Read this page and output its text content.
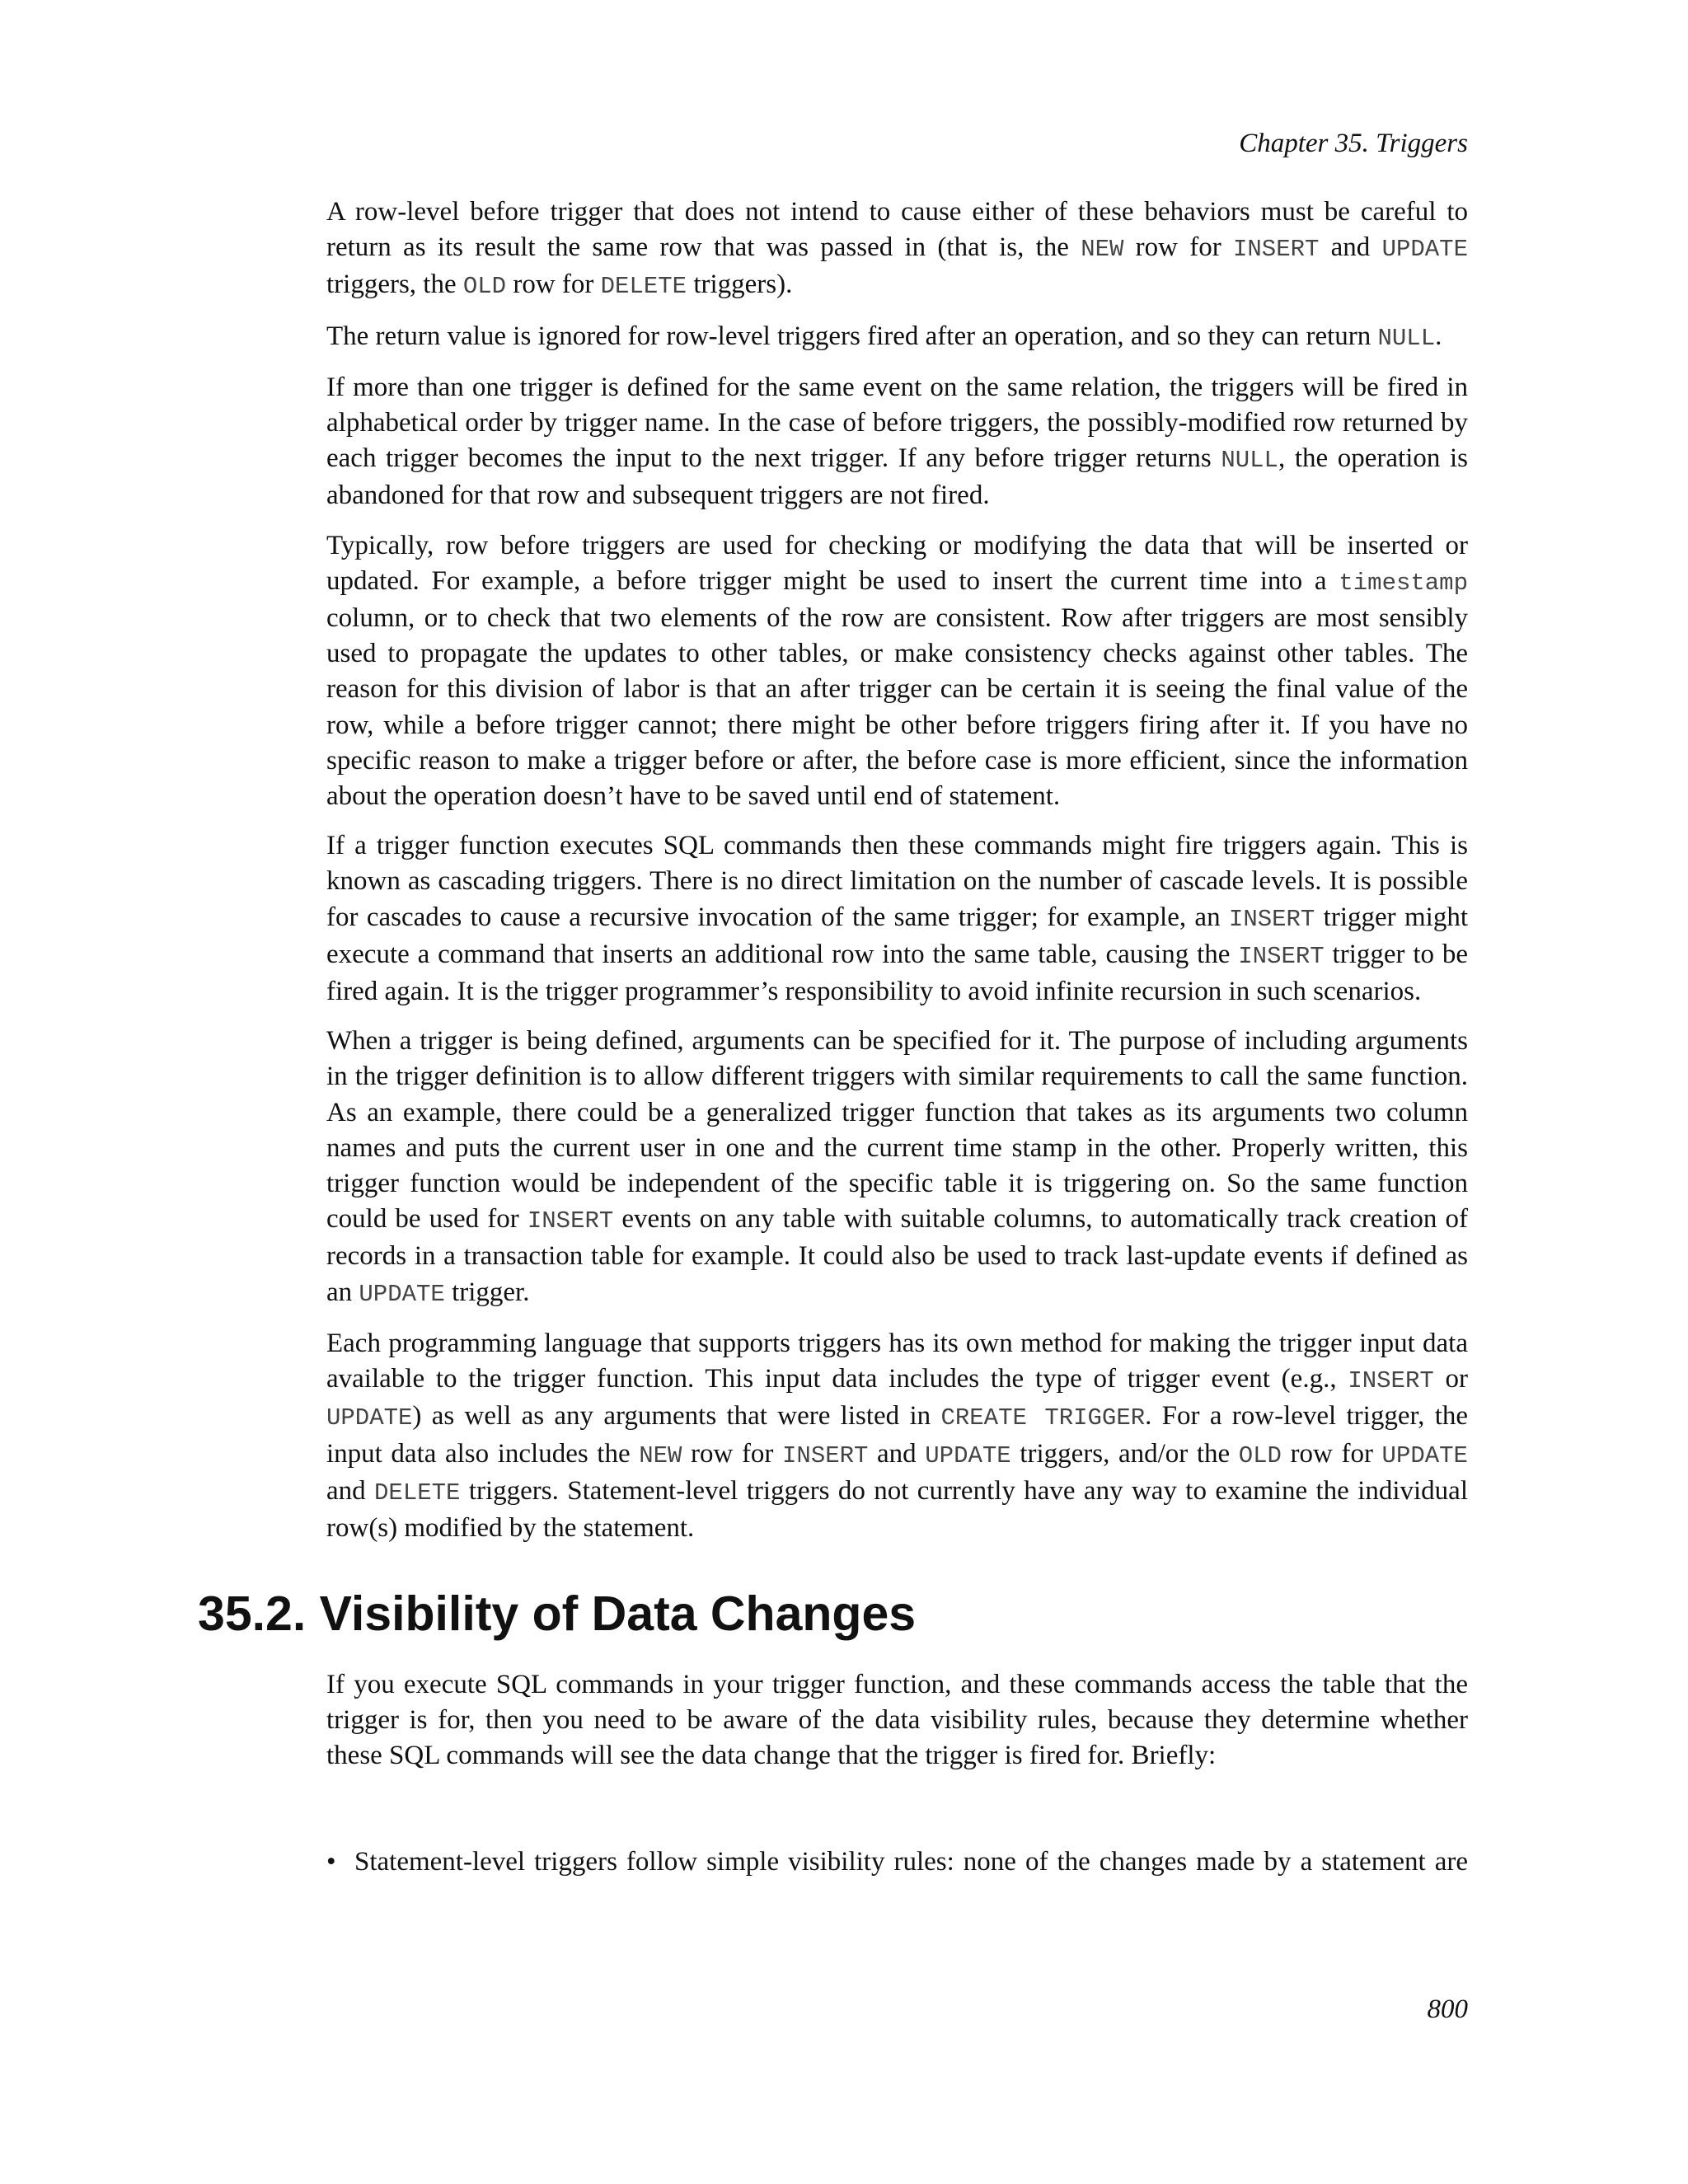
Chapter 35. Triggers

A row-level before trigger that does not intend to cause either of these behaviors must be careful to return as its result the same row that was passed in (that is, the NEW row for INSERT and UPDATE triggers, the OLD row for DELETE triggers).

The return value is ignored for row-level triggers fired after an operation, and so they can return NULL.

If more than one trigger is defined for the same event on the same relation, the triggers will be fired in alphabetical order by trigger name. In the case of before triggers, the possibly-modified row returned by each trigger becomes the input to the next trigger. If any before trigger returns NULL, the operation is abandoned for that row and subsequent triggers are not fired.

Typically, row before triggers are used for checking or modifying the data that will be inserted or updated. For example, a before trigger might be used to insert the current time into a timestamp column, or to check that two elements of the row are consistent. Row after triggers are most sensibly used to propagate the updates to other tables, or make consistency checks against other tables. The reason for this division of labor is that an after trigger can be certain it is seeing the final value of the row, while a before trigger cannot; there might be other before triggers firing after it. If you have no specific reason to make a trigger before or after, the before case is more efficient, since the information about the operation doesn’t have to be saved until end of statement.

If a trigger function executes SQL commands then these commands might fire triggers again. This is known as cascading triggers. There is no direct limitation on the number of cascade levels. It is possible for cascades to cause a recursive invocation of the same trigger; for example, an INSERT trigger might execute a command that inserts an additional row into the same table, causing the INSERT trigger to be fired again. It is the trigger programmer’s responsibility to avoid infinite recursion in such scenarios.

When a trigger is being defined, arguments can be specified for it. The purpose of including arguments in the trigger definition is to allow different triggers with similar requirements to call the same function. As an example, there could be a generalized trigger function that takes as its arguments two column names and puts the current user in one and the current time stamp in the other. Properly written, this trigger function would be independent of the specific table it is triggering on. So the same function could be used for INSERT events on any table with suitable columns, to automatically track creation of records in a transaction table for example. It could also be used to track last-update events if defined as an UPDATE trigger.

Each programming language that supports triggers has its own method for making the trigger input data available to the trigger function. This input data includes the type of trigger event (e.g., INSERT or UPDATE) as well as any arguments that were listed in CREATE TRIGGER. For a row-level trigger, the input data also includes the NEW row for INSERT and UPDATE triggers, and/or the OLD row for UPDATE and DELETE triggers. Statement-level triggers do not currently have any way to examine the individual row(s) modified by the statement.

35.2. Visibility of Data Changes

If you execute SQL commands in your trigger function, and these commands access the table that the trigger is for, then you need to be aware of the data visibility rules, because they determine whether these SQL commands will see the data change that the trigger is fired for. Briefly:

• Statement-level triggers follow simple visibility rules: none of the changes made by a statement are
800
